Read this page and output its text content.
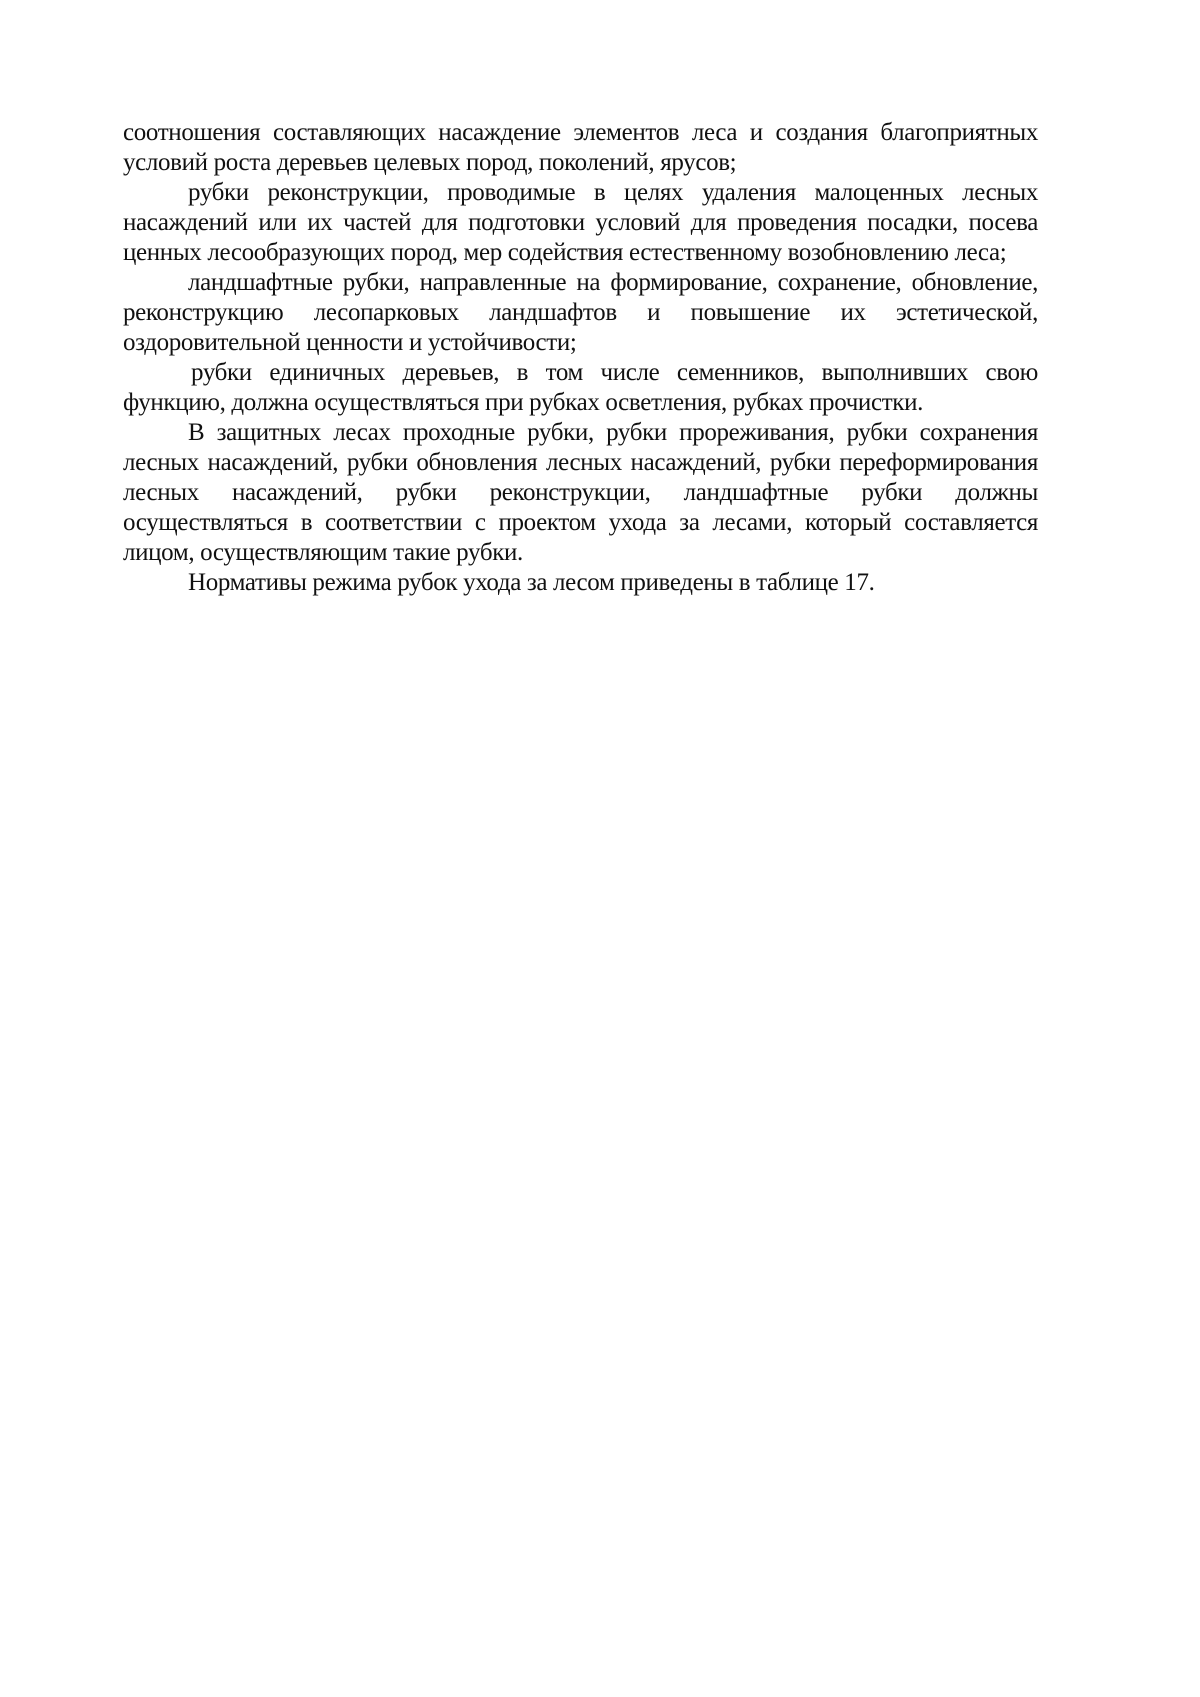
соотношения составляющих насаждение элементов леса и создания благоприятных условий роста деревьев целевых пород, поколений, ярусов;

рубки реконструкции, проводимые в целях удаления малоценных лесных насаждений или их частей для подготовки условий для проведения посадки, посева ценных лесообразующих пород, мер содействия естественному возобновлению леса;

ландшафтные рубки, направленные на формирование, сохранение, обновление, реконструкцию лесопарковых ландшафтов и повышение их эстетической, оздоровительной ценности и устойчивости;

рубки единичных деревьев, в том числе семенников, выполнивших свою функцию, должна осуществляться при рубках осветления, рубках прочистки.

В защитных лесах проходные рубки, рубки прореживания, рубки сохранения лесных насаждений, рубки обновления лесных насаждений, рубки переформирования лесных насаждений, рубки реконструкции, ландшафтные рубки должны осуществляться в соответствии с проектом ухода за лесами, который составляется лицом, осуществляющим такие рубки.

Нормативы режима рубок ухода за лесом приведены в таблице 17.
